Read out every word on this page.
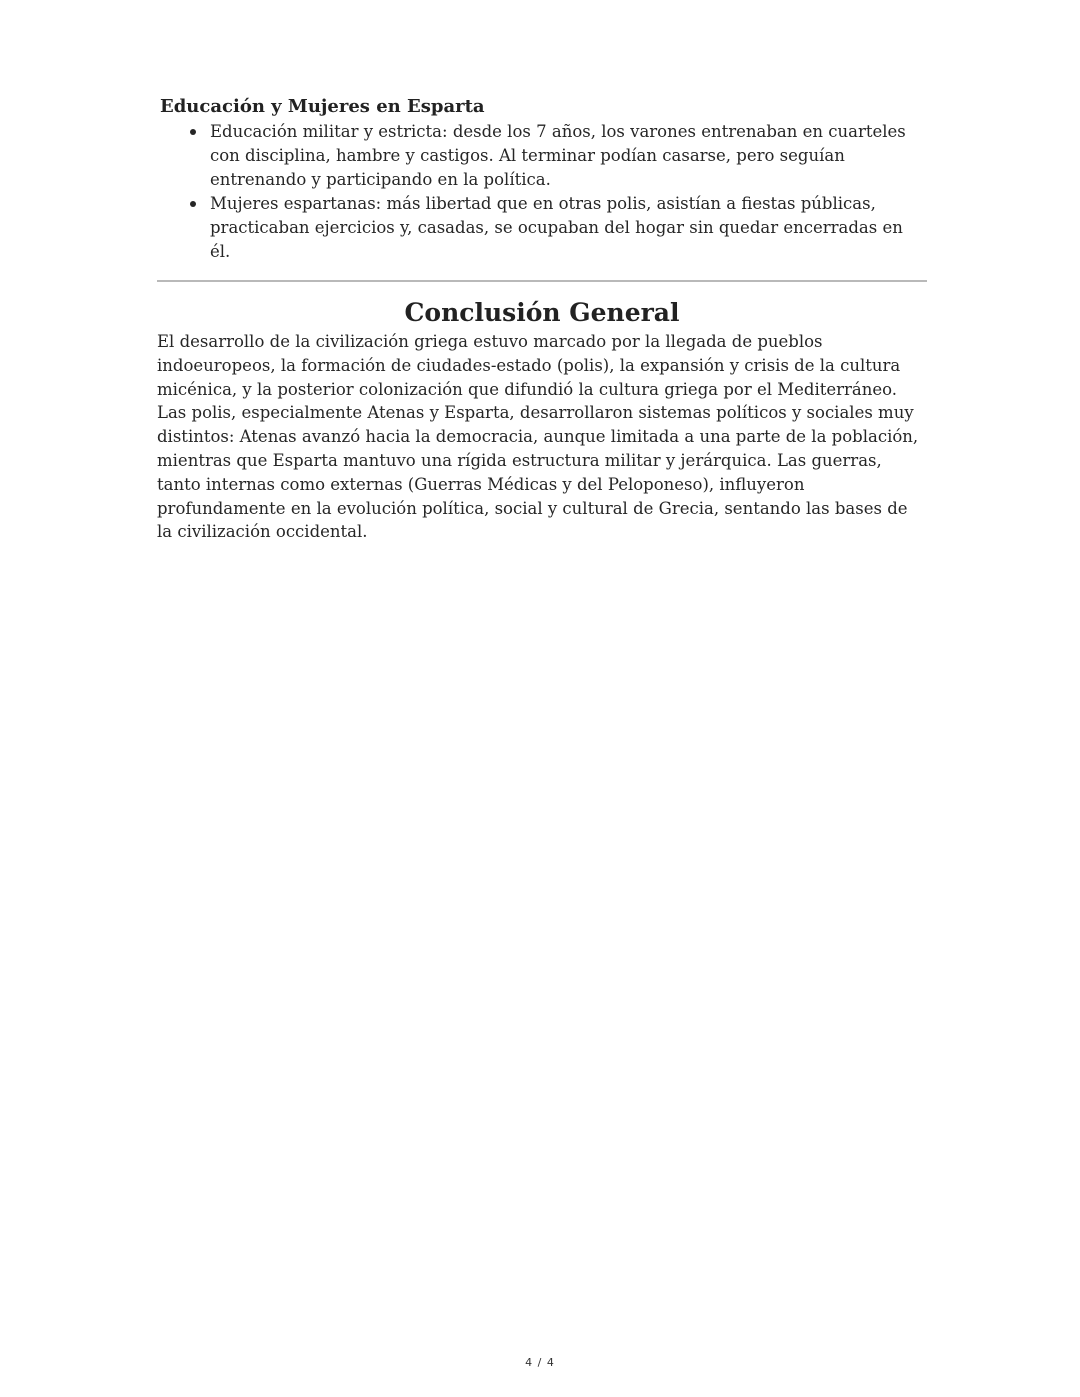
Educación y Mujeres en Esparta
Educación militar y estricta: desde los 7 años, los varones entrenaban en cuarteles con disciplina, hambre y castigos. Al terminar podían casarse, pero seguían entrenando y participando en la política.
Mujeres espartanas: más libertad que en otras polis, asistían a fiestas públicas, practicaban ejercicios y, casadas, se ocupaban del hogar sin quedar encerradas en él.
Conclusión General

El desarrollo de la civilización griega estuvo marcado por la llegada de pueblos indoeuropeos, la formación de ciudades-estado (polis), la expansión y crisis de la cultura micénica, y la posterior colonización que difundió la cultura griega por el Mediterráneo. Las polis, especialmente Atenas y Esparta, desarrollaron sistemas políticos y sociales muy distintos: Atenas avanzó hacia la democracia, aunque limitada a una parte de la población, mientras que Esparta mantuvo una rígida estructura militar y jerárquica. Las guerras, tanto internas como externas (Guerras Médicas y del Peloponeso), influyeron profundamente en la evolución política, social y cultural de Grecia, sentando las bases de la civilización occidental.

4 / 4
